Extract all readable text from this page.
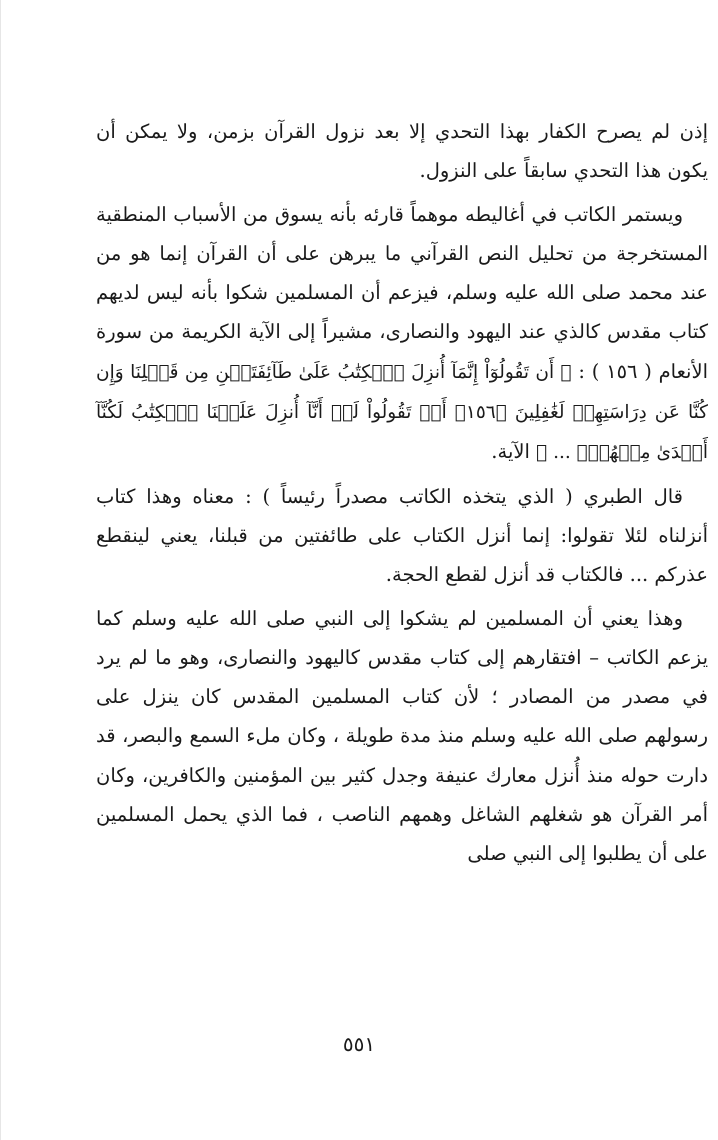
إذن لم يصرح الكفار بهذا التحدي إلا بعد نزول القرآن بزمن، ولا يمكن أن يكون هذا التحدي سابقاً على النزول.

ويستمر الكاتب في أغاليطه موهماً قارئه بأنه يسوق من الأسباب المنطقية المستخرجة من تحليل النص القرآني ما يبرهن على أن القرآن إنما هو من عند محمد صلى الله عليه وسلم، فيزعم أن المسلمين شكوا بأنه ليس لديهم كتاب مقدس كالذي عند اليهود والنصارى، مشيراً إلى الآية الكريمة من سورة الأنعام ( ١٥٦ ) : ﴿ أَن تَقُولُوٓاْ إِنَّمَآ أُنزِلَ ٱلۡكِتَٰبُ عَلَىٰ طَآئِفَتَيۡنِ مِن قَبۡلِنَا وَإِن كُنَّا عَن دِرَاسَتِهِمۡ لَغَٰفِلِينَ ﴿١٥٦﴾ أَوۡ تَقُولُواْ لَوۡ أَنَّآ أُنزِلَ عَلَيۡنَا ٱلۡكِتَٰبُ لَكُنَّآ أَهۡدَىٰ مِنۡهُمۡۚ ... ﴾ الآية.

قال الطبري ( الذي يتخذه الكاتب مصدراً رئيساً ) : معناه وهذا كتاب أنزلناه لئلا تقولوا: إنما أنزل الكتاب على طائفتين من قبلنا، يعني لينقطع عذركم ... فالكتاب قد أنزل لقطع الحجة.

وهذا يعني أن المسلمين لم يشكوا إلى النبي صلى الله عليه وسلم كما يزعم الكاتب – افتقارهم إلى كتاب مقدس كاليهود والنصارى، وهو ما لم يرد في مصدر من المصادر ؛ لأن كتاب المسلمين المقدس كان ينزل على رسولهم صلى الله عليه وسلم منذ مدة طويلة ، وكان ملء السمع والبصر، قد دارت حوله منذ أُنزل معارك عنيفة وجدل كثير بين المؤمنين والكافرين، وكان أمر القرآن هو شغلهم الشاغل وهمهم الناصب ، فما الذي يحمل المسلمين على أن يطلبوا إلى النبي صلى

٥٥١
